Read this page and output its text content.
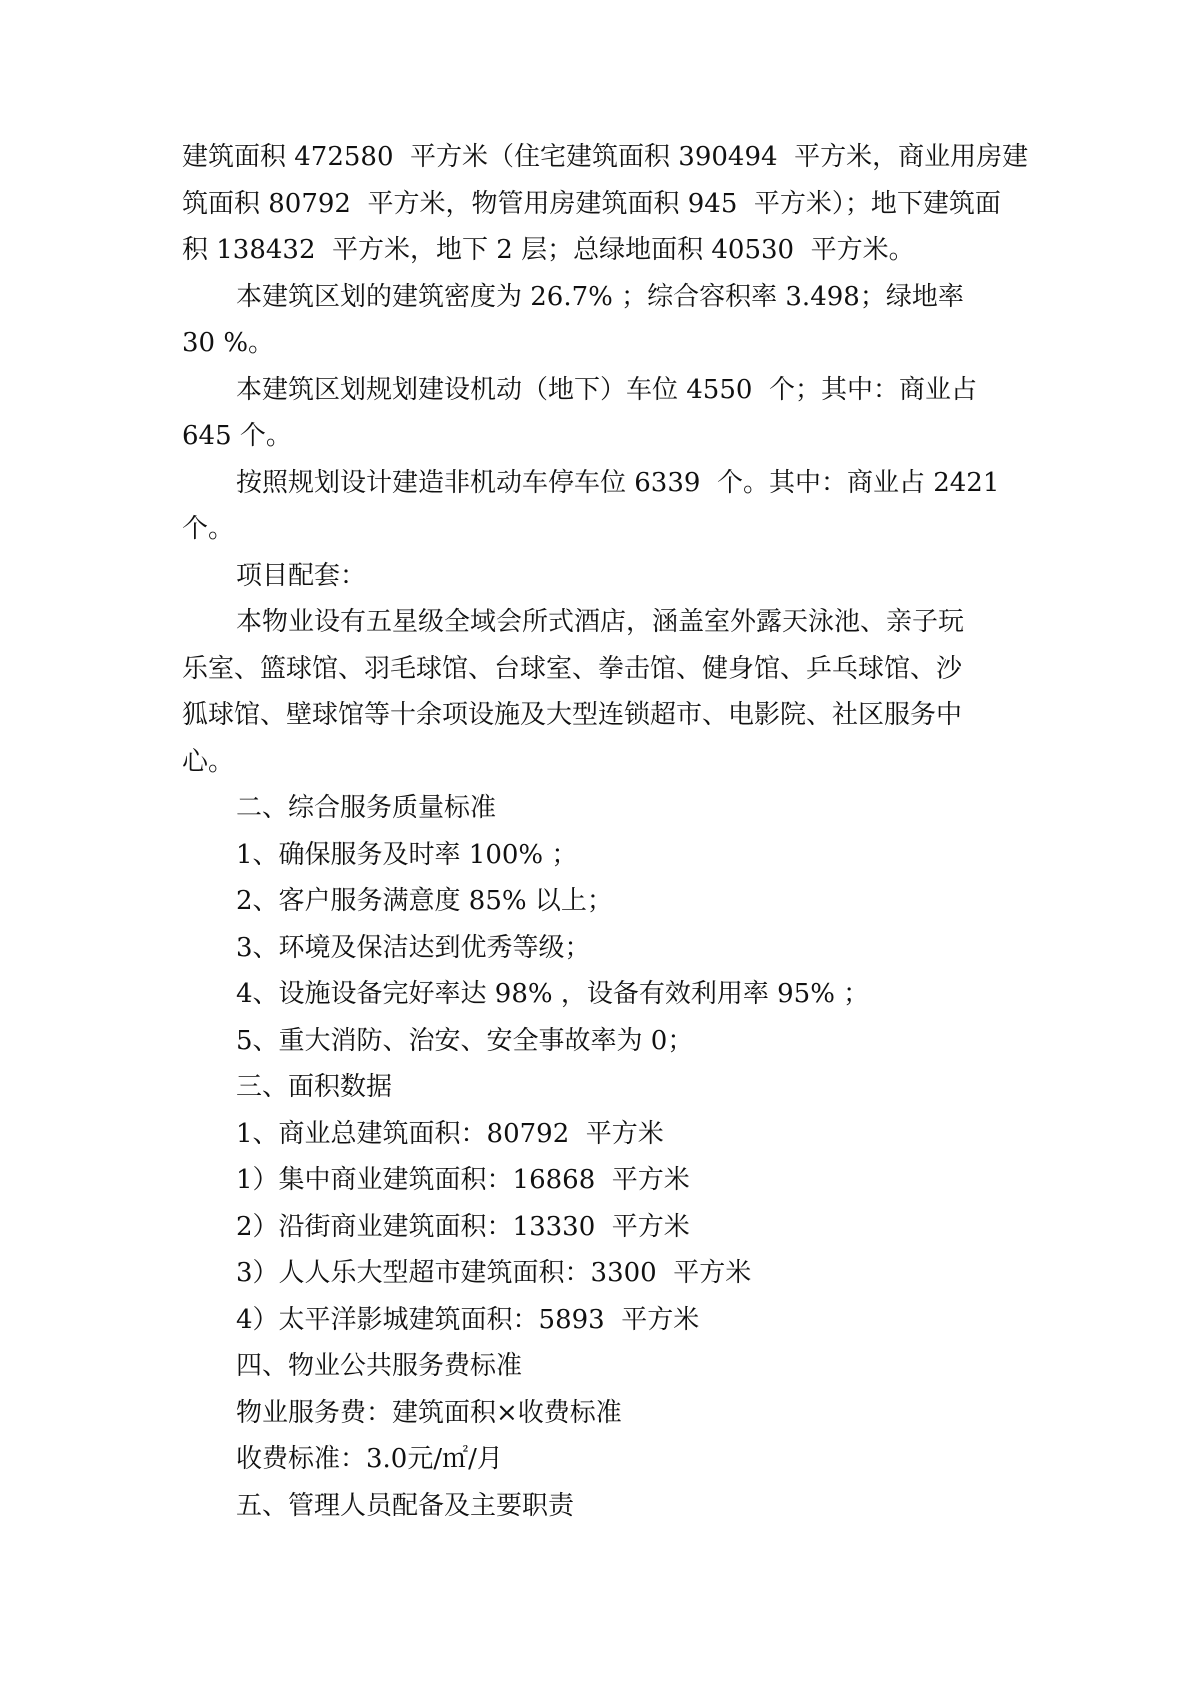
建筑面积 472580  平方米（住宅建筑面积 390494  平方米，商业用房建
筑面积 80792  平方米，物管用房建筑面积 945  平方米）；地下建筑面
积 138432  平方米，地下 2 层；总绿地面积 40530  平方米。
本建筑区划的建筑密度为 26.7% ；综合容积率 3.498；绿地率
30 %。
本建筑区划规划建设机动（地下）车位 4550  个；其中：商业占
645 个。
按照规划设计建造非机动车停车位 6339  个。其中：商业占 2421
个。
项目配套：
本物业设有五星级全域会所式酒店，涵盖室外露天泳池、亲子玩
乐室、篮球馆、羽毛球馆、台球室、拳击馆、健身馆、乒乓球馆、沙
狐球馆、壁球馆等十余项设施及大型连锁超市、电影院、社区服务中
心。
二、综合服务质量标准
1、确保服务及时率 100% ；
2、客户服务满意度 85% 以上；
3、环境及保洁达到优秀等级；
4、设施设备完好率达 98% ，设备有效利用率 95% ；
5、重大消防、治安、安全事故率为 0；
三、面积数据
1、商业总建筑面积：80792  平方米
1）集中商业建筑面积：16868  平方米
2）沿街商业建筑面积：13330  平方米
3）人人乐大型超市建筑面积：3300  平方米
4）太平洋影城建筑面积：5893  平方米
四、物业公共服务费标准
物业服务费：建筑面积×收费标准
收费标准：3.0元/㎡/月
五、管理人员配备及主要职责
